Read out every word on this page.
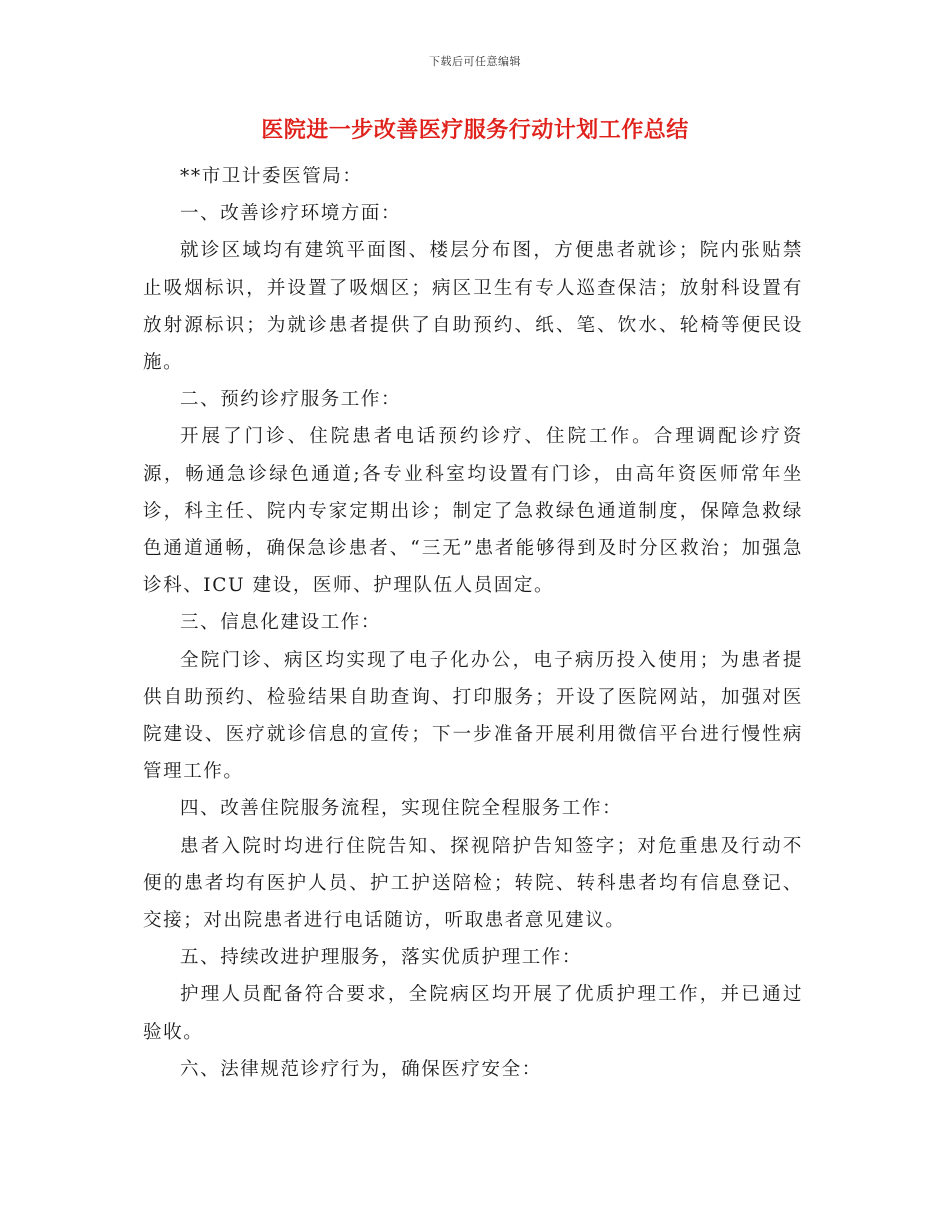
下载后可任意编辑
医院进一步改善医疗服务行动计划工作总结

**市卫计委医管局：

一、改善诊疗环境方面：

就诊区域均有建筑平面图、楼层分布图，方便患者就诊；院内张贴禁止吸烟标识，并设置了吸烟区；病区卫生有专人巡查保洁；放射科设置有放射源标识；为就诊患者提供了自助预约、纸、笔、饮水、轮椅等便民设施。

二、预约诊疗服务工作：

开展了门诊、住院患者电话预约诊疗、住院工作。合理调配诊疗资源，畅通急诊绿色通道;各专业科室均设置有门诊，由高年资医师常年坐诊，科主任、院内专家定期出诊；制定了急救绿色通道制度，保障急救绿色通道通畅，确保急诊患者、“三无”患者能够得到及时分区救治；加强急诊科、ICU 建设，医师、护理队伍人员固定。

三、信息化建设工作：

全院门诊、病区均实现了电子化办公，电子病历投入使用；为患者提供自助预约、检验结果自助查询、打印服务；开设了医院网站，加强对医院建设、医疗就诊信息的宣传；下一步准备开展利用微信平台进行慢性病管理工作。

四、改善住院服务流程，实现住院全程服务工作：

患者入院时均进行住院告知、探视陪护告知签字；对危重患及行动不便的患者均有医护人员、护工护送陪检；转院、转科患者均有信息登记、交接；对出院患者进行电话随访，听取患者意见建议。

五、持续改进护理服务，落实优质护理工作：

护理人员配备符合要求，全院病区均开展了优质护理工作，并已通过验收。

六、法律规范诊疗行为，确保医疗安全：
